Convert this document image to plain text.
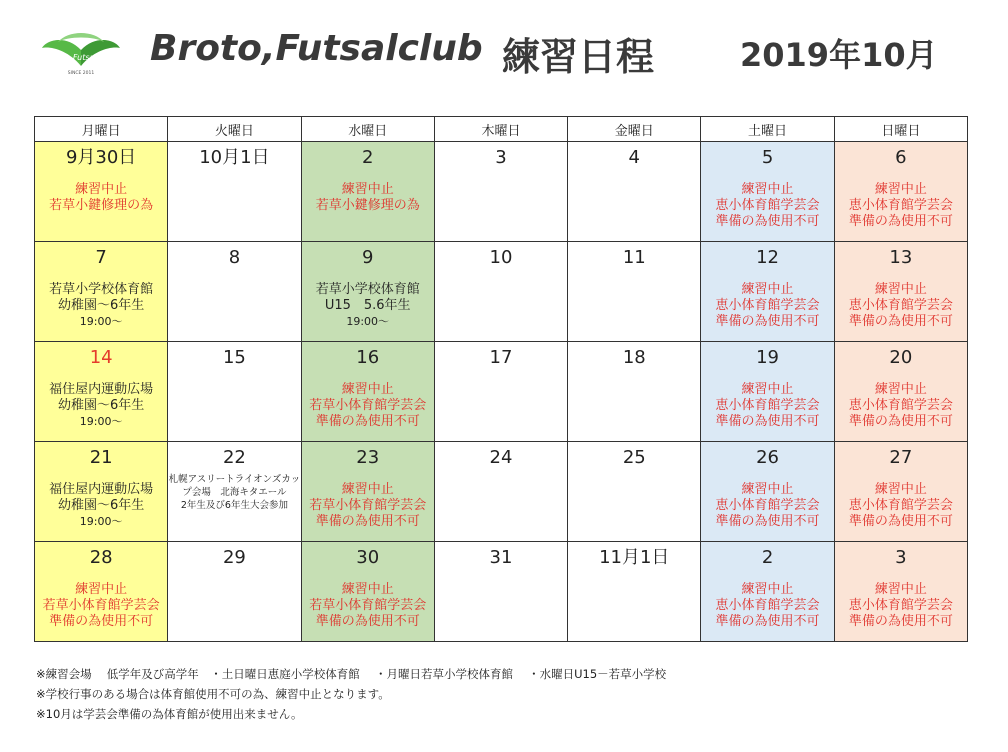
Broto Futsalclub
SINCE 2011
Broto,Futsalclub 練習日程	2019年10月
月曜日	火曜日	水曜日	木曜日	金曜日	土曜日	日曜日

9月30日
練習中止
若草小鍵修理の為	10月1日	2
練習中止
若草小鍵修理の為	3	4	5
練習中止
恵小体育館学芸会
準備の為使用不可	6
練習中止
恵小体育館学芸会
準備の為使用不可

7
若草小学校体育館
幼稚園～6年生
19:00～	8	9
若草小学校体育館
U15　5.6年生
19:00～	10	11	12
練習中止
恵小体育館学芸会
準備の為使用不可	13
練習中止
恵小体育館学芸会
準備の為使用不可

14
福住屋内運動広場
幼稚園～6年生
19:00～	15	16
練習中止
若草小体育館学芸会
準備の為使用不可	17	18	19
練習中止
恵小体育館学芸会
準備の為使用不可	20
練習中止
恵小体育館学芸会
準備の為使用不可

21
福住屋内運動広場
幼稚園～6年生
19:00～	22
札幌アスリートライオンズカッ
プ会場　北海キタエール
2年生及び6年生大会参加	23
練習中止
若草小体育館学芸会
準備の為使用不可	24	25	26
練習中止
恵小体育館学芸会
準備の為使用不可	27
練習中止
恵小体育館学芸会
準備の為使用不可

28
練習中止
若草小体育館学芸会
準備の為使用不可	29	30
練習中止
若草小体育館学芸会
準備の為使用不可	31	11月1日	2
練習中止
恵小体育館学芸会
準備の為使用不可	3
練習中止
恵小体育館学芸会
準備の為使用不可
※練習会場　 低学年及び高学年　・土日曜日恵庭小学校体育館　 ・月曜日若草小学校体育館　 ・水曜日U15－若草小学校
※学校行事のある場合は体育館使用不可の為、練習中止となります。
※10月は学芸会準備の為体育館が使用出来ません。
